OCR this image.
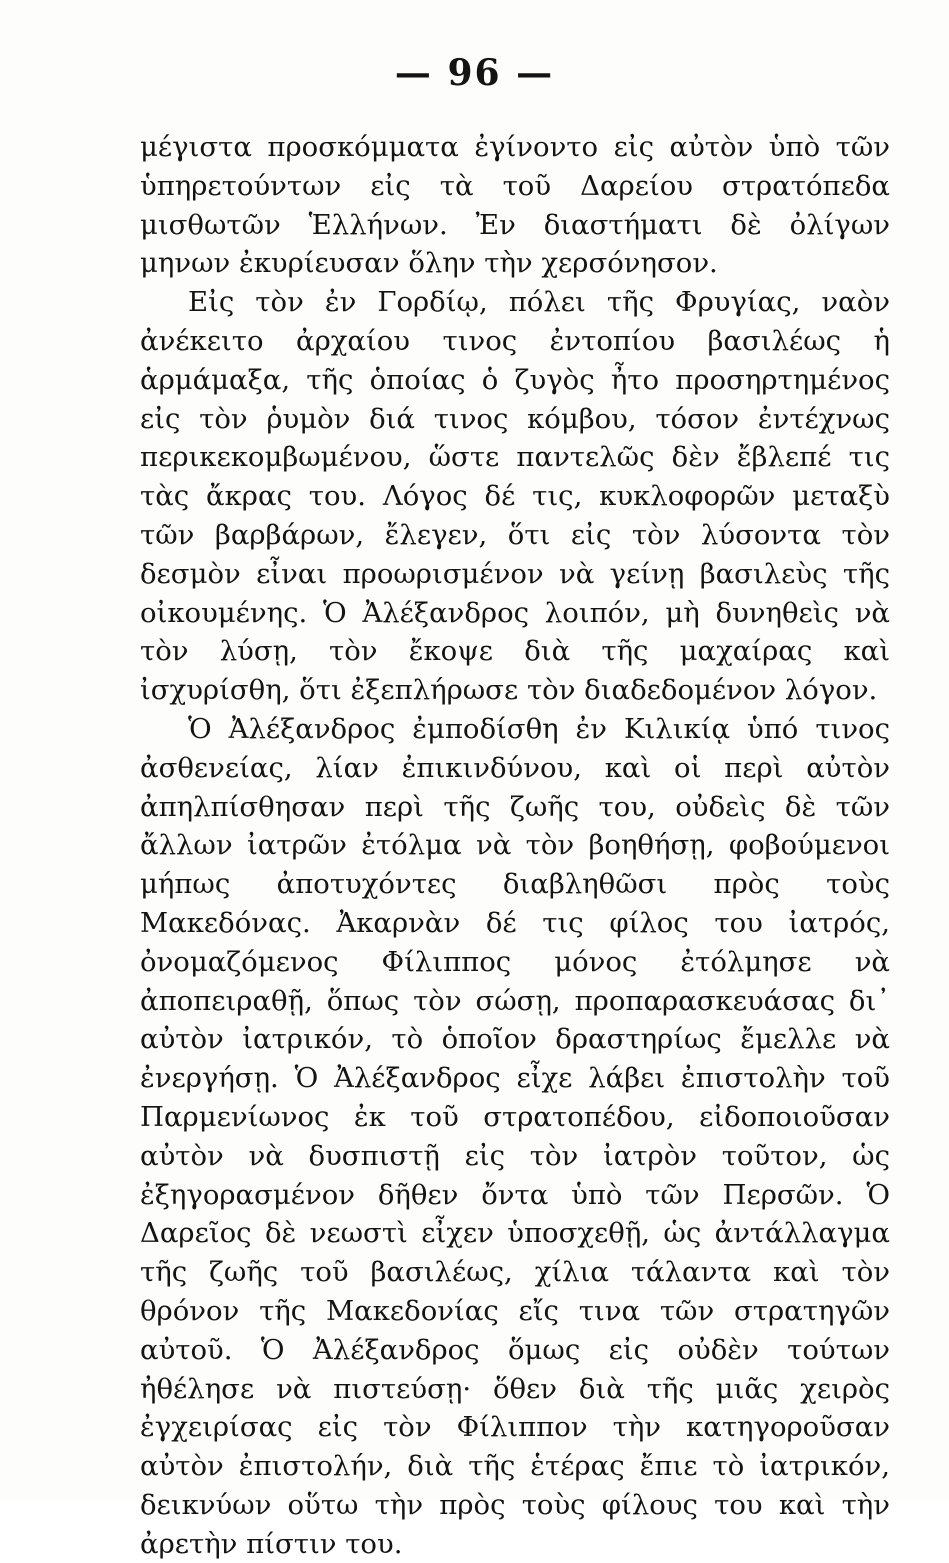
— 96 —

μέγιστα προσκόμματα ἐγίνοντο εἰς αὐτὸν ὑπὸ τῶν ὑπηρετούντων εἰς τὰ τοῦ Δαρείου στρατόπεδα μισθωτῶν Ἑλλήνων. Ἐν διαστήματι δὲ ὀλίγων μηνων ἐκυρίευσαν ὅλην τὴν χερσόνησον.

Εἰς τὸν ἐν Γορδίῳ, πόλει τῆς Φρυγίας, ναὸν ἀνέκειτο ἀρχαίου τινος ἐντοπίου βασιλέως ἡ ἁρμάμαξα, τῆς ὁποίας ὁ ζυγὸς ἦτο προσηρτημένος εἰς τὸν ῥυμὸν διά τινος κόμβου, τόσον ἐντέχνως περικεκομβωμένου, ὥστε παντελῶς δὲν ἔβλεπέ τις τὰς ἄκρας του. Λόγος δέ τις, κυκλοφορῶν μεταξὺ τῶν βαρβάρων, ἔλεγεν, ὅτι εἰς τὸν λύσοντα τὸν δεσμὸν εἶναι προωρισμένον νὰ γείνῃ βασιλεὺς τῆς οἰκουμένης. Ὁ Ἀλέξανδρος λοιπόν, μὴ δυνηθεὶς νὰ τὸν λύσῃ, τὸν ἔκοψε διὰ τῆς μαχαίρας καὶ ἰσχυρίσθη, ὅτι ἐξεπλήρωσε τὸν διαδεδομένον λόγον.

Ὁ Ἀλέξανδρος ἐμποδίσθη ἐν Κιλικίᾳ ὑπό τινος ἀσθενείας, λίαν ἐπικινδύνου, καὶ οἱ περὶ αὐτὸν ἀπηλπίσθησαν περὶ τῆς ζωῆς του, οὐδεὶς δὲ τῶν ἄλλων ἰατρῶν ἐτόλμα νὰ τὸν βοηθήσῃ, φοβούμενοι μήπως ἀποτυχόντες διαβληθῶσι πρὸς τοὺς Μακεδόνας. Ἀκαρνὰν δέ τις φίλος του ἰατρός, ὀνομαζόμενος Φίλιππος μόνος ἐτόλμησε νὰ ἀποπειραθῇ, ὅπως τὸν σώσῃ, προπαρασκευάσας δι᾽ αὐτὸν ἰατρικόν, τὸ ὁποῖον δραστηρίως ἔμελλε νὰ ἐνεργήσῃ. Ὁ Ἀλέξανδρος εἶχε λάβει ἐπιστολὴν τοῦ Παρμενίωνος ἐκ τοῦ στρατοπέδου, εἰδοποιοῦσαν αὐτὸν νὰ δυσπιστῇ εἰς τὸν ἰατρὸν τοῦτον, ὡς ἐξηγορασμένον δῆθεν ὄντα ὑπὸ τῶν Περσῶν. Ὁ Δαρεῖος δὲ νεωστὶ εἶχεν ὑποσχεθῇ, ὡς ἀντάλλαγμα τῆς ζωῆς τοῦ βασιλέως, χίλια τάλαντα καὶ τὸν θρόνον τῆς Μακεδονίας εἴς τινα τῶν στρατηγῶν αὐτοῦ. Ὁ Ἀλέξανδρος ὅμως εἰς οὐδὲν τούτων ἠθέλησε νὰ πιστεύσῃ· ὅθεν διὰ τῆς μιᾶς χειρὸς ἐγχειρίσας εἰς τὸν Φίλιππον τὴν κατηγοροῦσαν αὐτὸν ἐπιστολήν, διὰ τῆς ἑτέρας ἔπιε τὸ ἰατρικόν, δεικνύων οὕτω τὴν πρὸς τοὺς φίλους του καὶ τὴν ἀρετὴν πίστιν του.
